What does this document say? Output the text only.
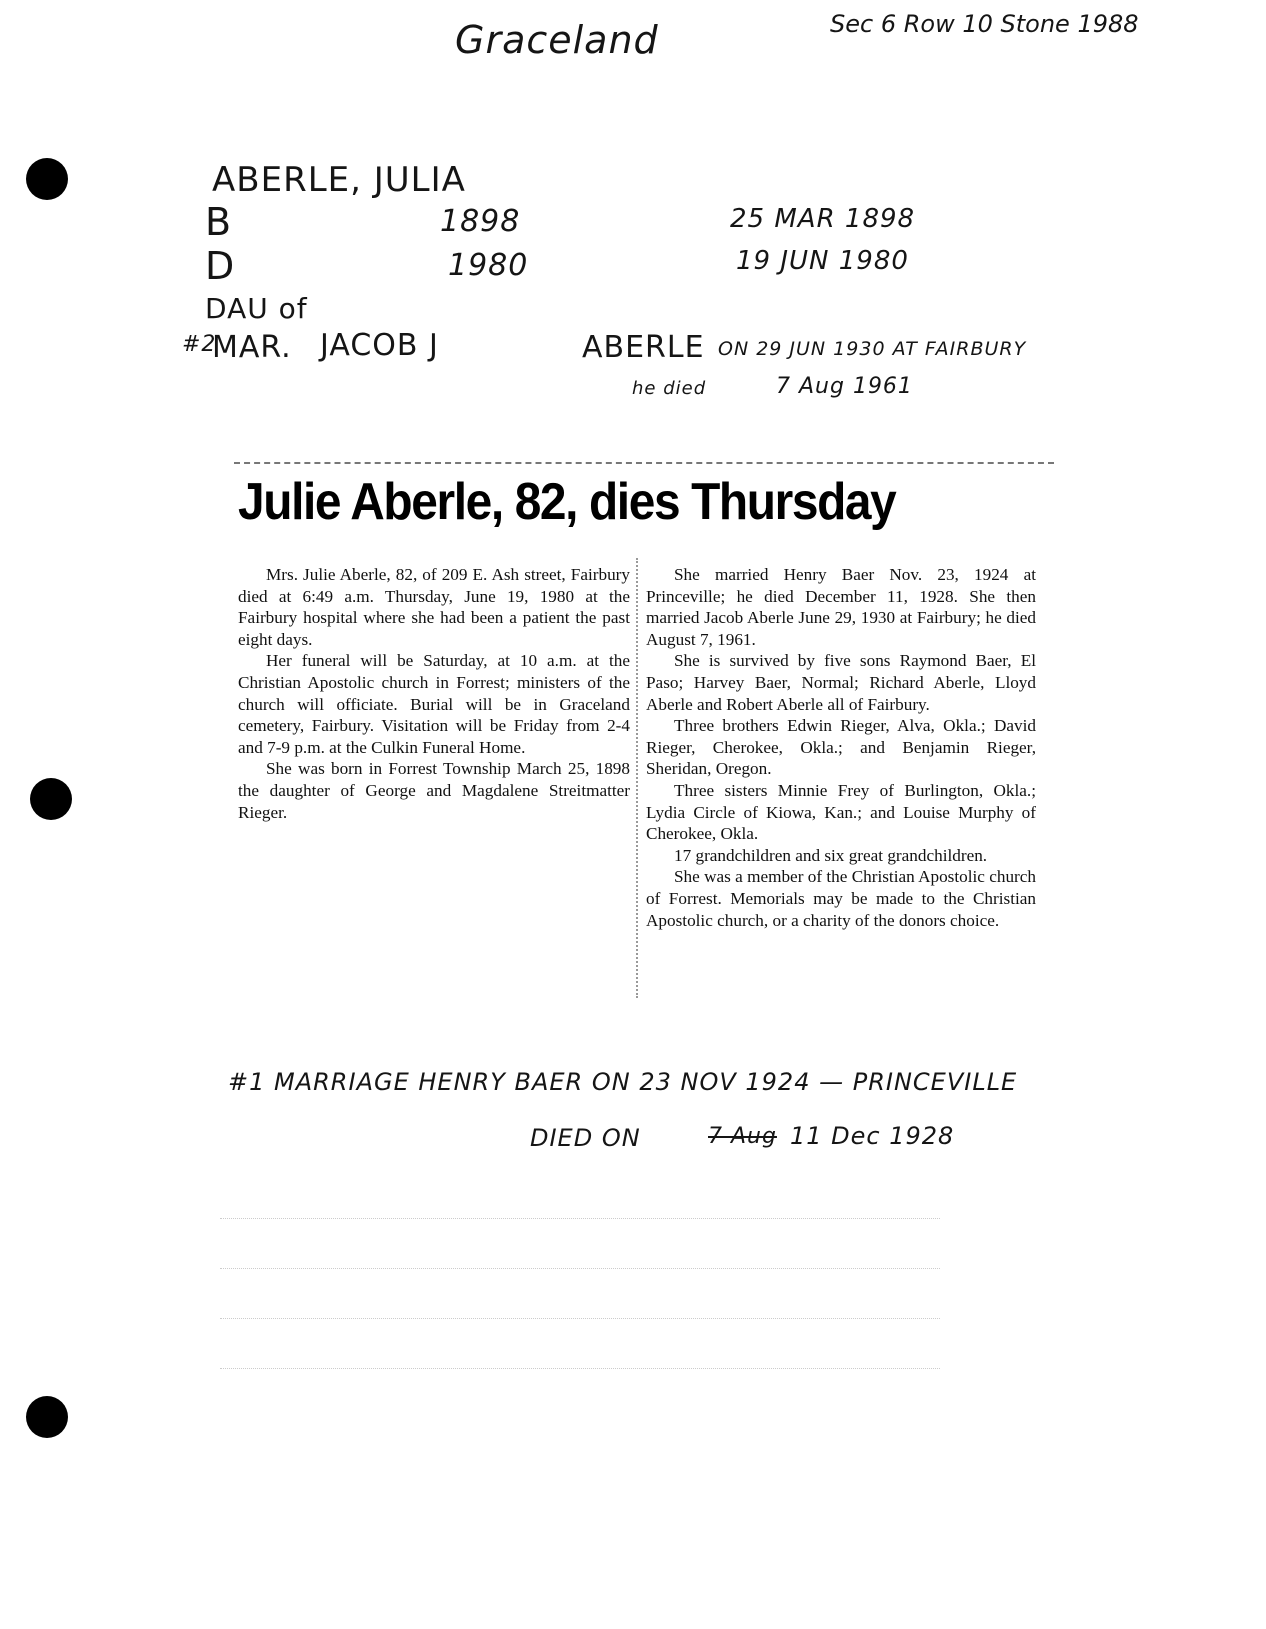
Graceland	Sec 6 Row 10 Stone 1988
ABERLE, JULIA
B	1898	25 MAR 1898
D	1980	19 JUN 1980
DAU of
#2
MAR. JACOB J	ABERLE ON 29 JUN 1930 AT FAIRBURY
he died	7 Aug 1961
Julie Aberle, 82, dies Thursday

Mrs. Julie Aberle, 82, of 209 E. Ash street, Fairbury died at 6:49 a.m. Thursday, June 19, 1980 at the Fairbury hospital where she had been a patient the past eight days.

Her funeral will be Saturday, at 10 a.m. at the Christian Apostolic church in Forrest; ministers of the church will officiate. Burial will be in Graceland cemetery, Fairbury. Visitation will be Friday from 2-4 and 7-9 p.m. at the Culkin Funeral Home.

She was born in Forrest Township March 25, 1898 the daughter of George and Magdalene Streitmatter Rieger.

She married Henry Baer Nov. 23, 1924 at Princeville; he died December 11, 1928. She then married Jacob Aberle June 29, 1930 at Fairbury; he died August 7, 1961.

She is survived by five sons Raymond Baer, El Paso; Harvey Baer, Normal; Richard Aberle, Lloyd Aberle and Robert Aberle all of Fairbury.

Three brothers Edwin Rieger, Alva, Okla.; David Rieger, Cherokee, Okla.; and Benjamin Rieger, Sheridan, Oregon.

Three sisters Minnie Frey of Burlington, Okla.; Lydia Circle of Kiowa, Kan.; and Louise Murphy of Cherokee, Okla.

17 grandchildren and six great grandchildren.

She was a member of the Christian Apostolic church of Forrest. Memorials may be made to the Christian Apostolic church, or a charity of the donors choice.

#1 MARRIAGE HENRY BAER ON 23 NOV 1924 — PRINCEVILLE
DIED ON	7 Aug 11 Dec 1928
